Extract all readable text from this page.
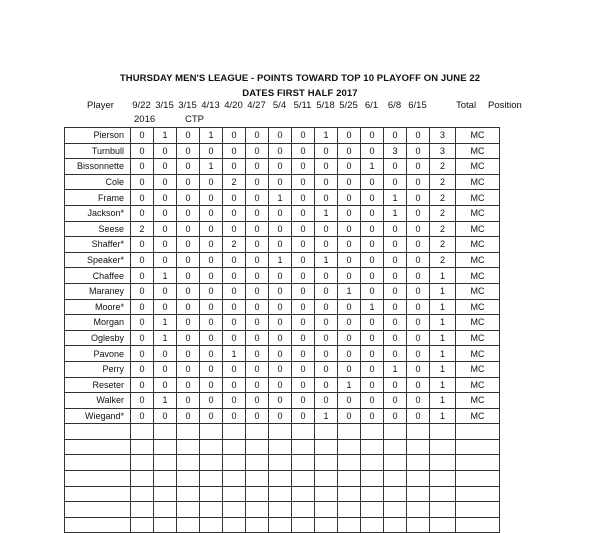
THURSDAY MEN'S LEAGUE - POINTS TOWARD TOP 10 PLAYOFF ON JUNE 22
DATES FIRST HALF 2017
Player	9/22 3/15 3/15 4/13 4/20 4/27 5/4 5/11 5/18 5/25 6/1	6/8 6/15
2016	CTP
Total Position
Pierson	0	1	0	1	0	0	0	0	1	0	0	0	0	3	MC
Turnbull	0	0	0	0	0	0	0	0	0	0	0	3	0	3	MC
Bissonnette	0	0	0	1	0	0	0	0	0	0	1	0	0	2	MC
Cole	0	0	0	0	2	0	0	0	0	0	0	0	0	2	MC
Frame	0	0	0	0	0	0	1	0	0	0	0	1	0	2	MC
Jackson*	0	0	0	0	0	0	0	0	1	0	0	1	0	2	MC
Seese	2	0	0	0	0	0	0	0	0	0	0	0	0	2	MC
Shaffer*	0	0	0	0	2	0	0	0	0	0	0	0	0	2	MC
Speaker*	0	0	0	0	0	0	1	0	1	0	0	0	0	2	MC
Chaffee	0	1	0	0	0	0	0	0	0	0	0	0	0	1	MC
Maraney	0	0	0	0	0	0	0	0	0	1	0	0	0	1	MC
Moore*	0	0	0	0	0	0	0	0	0	0	1	0	0	1	MC
Morgan	0	1	0	0	0	0	0	0	0	0	0	0	0	1	MC
Oglesby	0	1	0	0	0	0	0	0	0	0	0	0	0	1	MC
Pavone	0	0	0	0	1	0	0	0	0	0	0	0	0	1	MC
Perry	0	0	0	0	0	0	0	0	0	0	0	1	0	1	MC
Reseter	0	0	0	0	0	0	0	0	0	1	0	0	0	1	MC
Walker	0	1	0	0	0	0	0	0	0	0	0	0	0	1	MC
Wiegand*	0	0	0	0	0	0	0	0	1	0	0	0	0	1	MC
